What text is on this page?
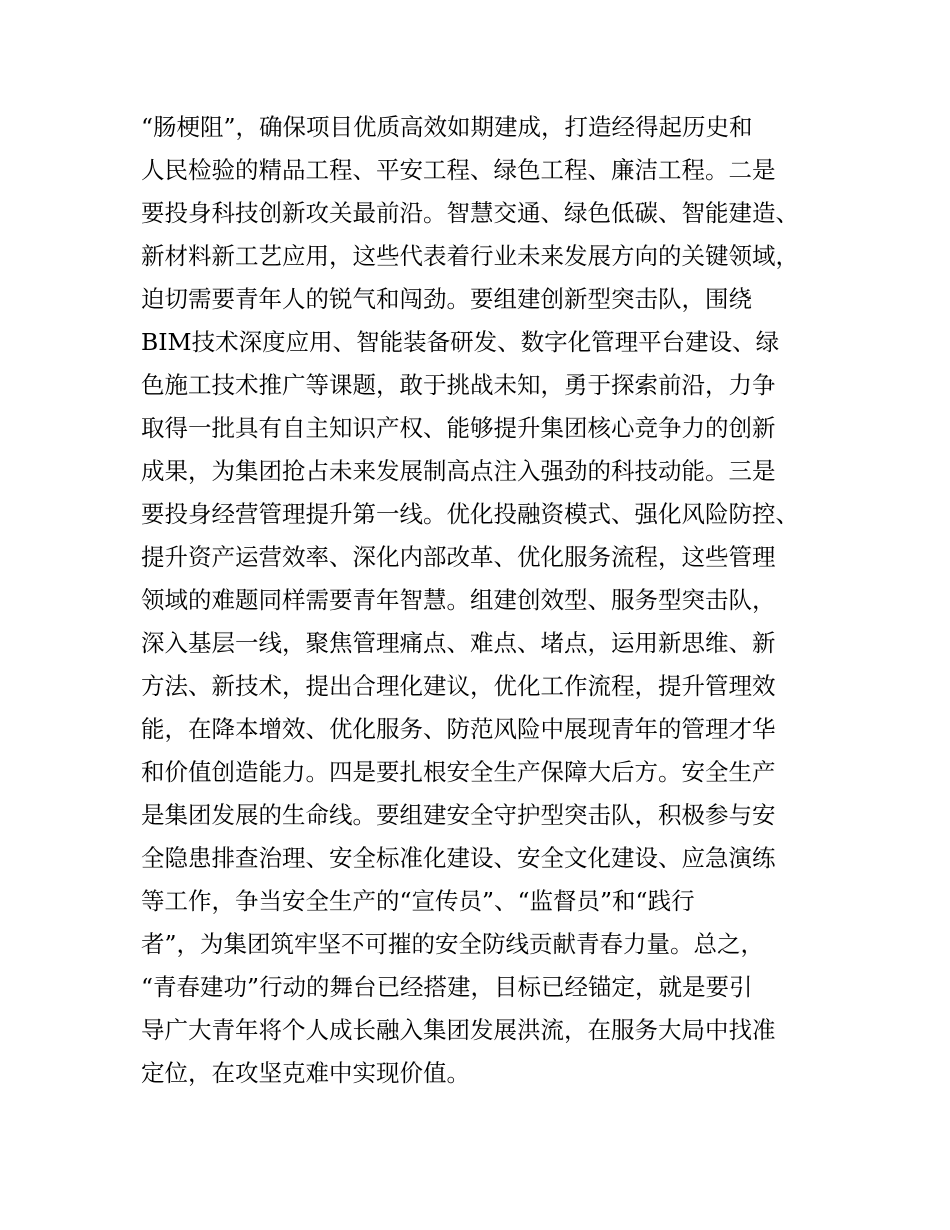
“肠梗阻”，确保项目优质高效如期建成，打造经得起历史和
人民检验的精品工程、平安工程、绿色工程、廉洁工程。二是
要投身科技创新攻关最前沿。智慧交通、绿色低碳、智能建造、
新材料新工艺应用，这些代表着行业未来发展方向的关键领域，
迫切需要青年人的锐气和闯劲。要组建创新型突击队，围绕
BIM技术深度应用、智能装备研发、数字化管理平台建设、绿
色施工技术推广等课题，敢于挑战未知，勇于探索前沿，力争
取得一批具有自主知识产权、能够提升集团核心竞争力的创新
成果，为集团抢占未来发展制高点注入强劲的科技动能。三是
要投身经营管理提升第一线。优化投融资模式、强化风险防控、
提升资产运营效率、深化内部改革、优化服务流程，这些管理
领域的难题同样需要青年智慧。组建创效型、服务型突击队，
深入基层一线，聚焦管理痛点、难点、堵点，运用新思维、新
方法、新技术，提出合理化建议，优化工作流程，提升管理效
能，在降本增效、优化服务、防范风险中展现青年的管理才华
和价值创造能力。四是要扎根安全生产保障大后方。安全生产
是集团发展的生命线。要组建安全守护型突击队，积极参与安
全隐患排查治理、安全标准化建设、安全文化建设、应急演练
等工作，争当安全生产的“宣传员”、“监督员”和“践行
者”，为集团筑牢坚不可摧的安全防线贡献青春力量。总之，
“青春建功”行动的舞台已经搭建，目标已经锚定，就是要引
导广大青年将个人成长融入集团发展洪流，在服务大局中找准
定位，在攻坚克难中实现价值。
